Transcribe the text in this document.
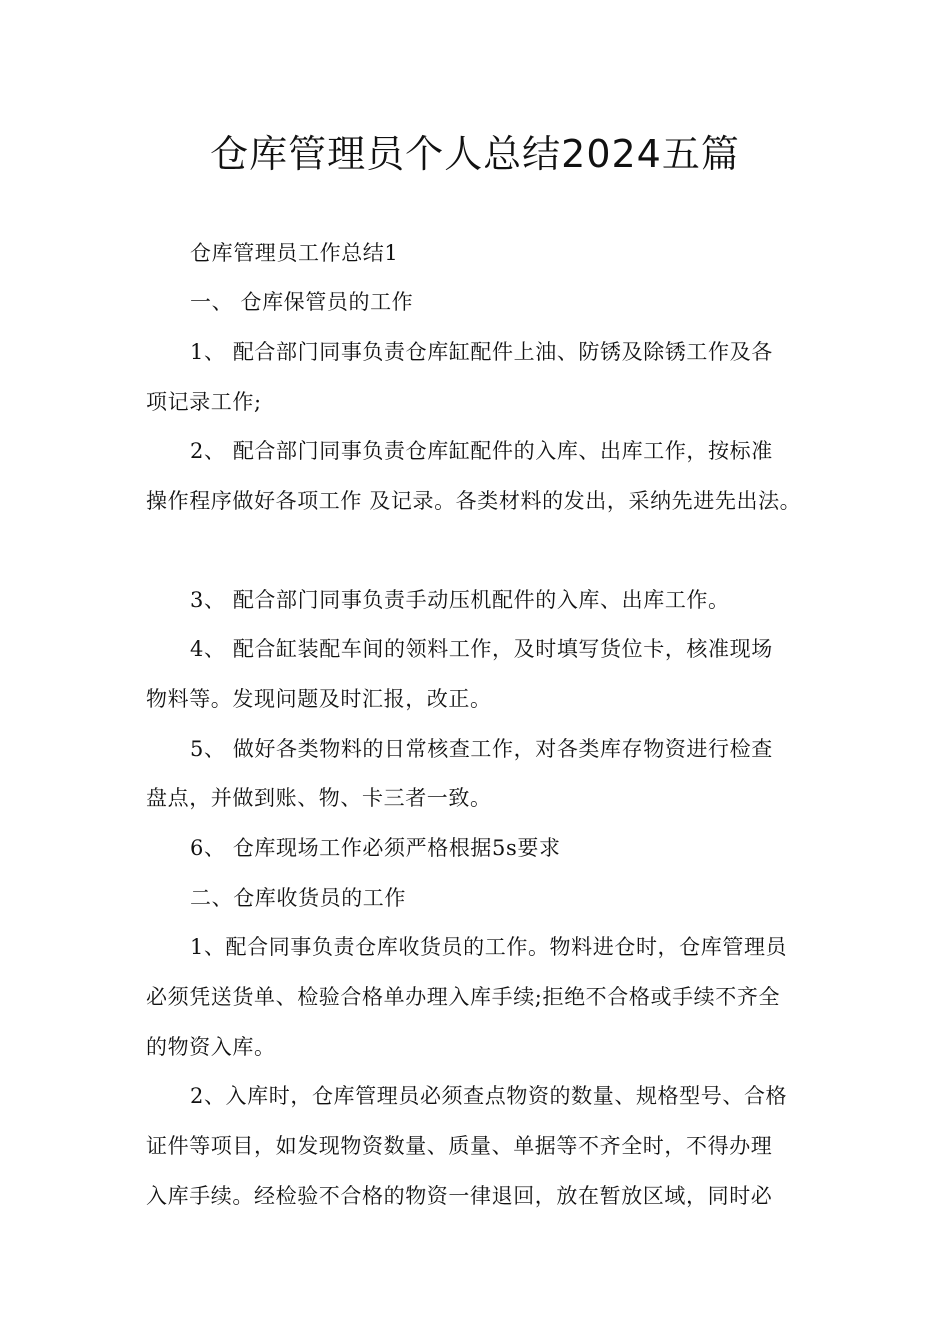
仓库管理员个人总结2024五篇
仓库管理员工作总结1
一、 仓库保管员的工作
1、 配合部门同事负责仓库缸配件上油、防锈及除锈工作及各
项记录工作;
2、 配合部门同事负责仓库缸配件的入库、出库工作，按标准
操作程序做好各项工作 及记录。各类材料的发出，采纳先进先出法。
3、 配合部门同事负责手动压机配件的入库、出库工作。
4、 配合缸装配车间的领料工作，及时填写货位卡，核准现场
物料等。发现问题及时汇报，改正。
5、 做好各类物料的日常核查工作，对各类库存物资进行检查
盘点，并做到账、物、卡三者一致。
6、 仓库现场工作必须严格根据5s要求
二、仓库收货员的工作
1、配合同事负责仓库收货员的工作。物料进仓时，仓库管理员
必须凭送货单、检验合格单办理入库手续;拒绝不合格或手续不齐全
的物资入库。
2、入库时，仓库管理员必须查点物资的数量、规格型号、合格
证件等项目，如发现物资数量、质量、单据等不齐全时，不得办理
入库手续。经检验不合格的物资一律退回，放在暂放区域，同时必
